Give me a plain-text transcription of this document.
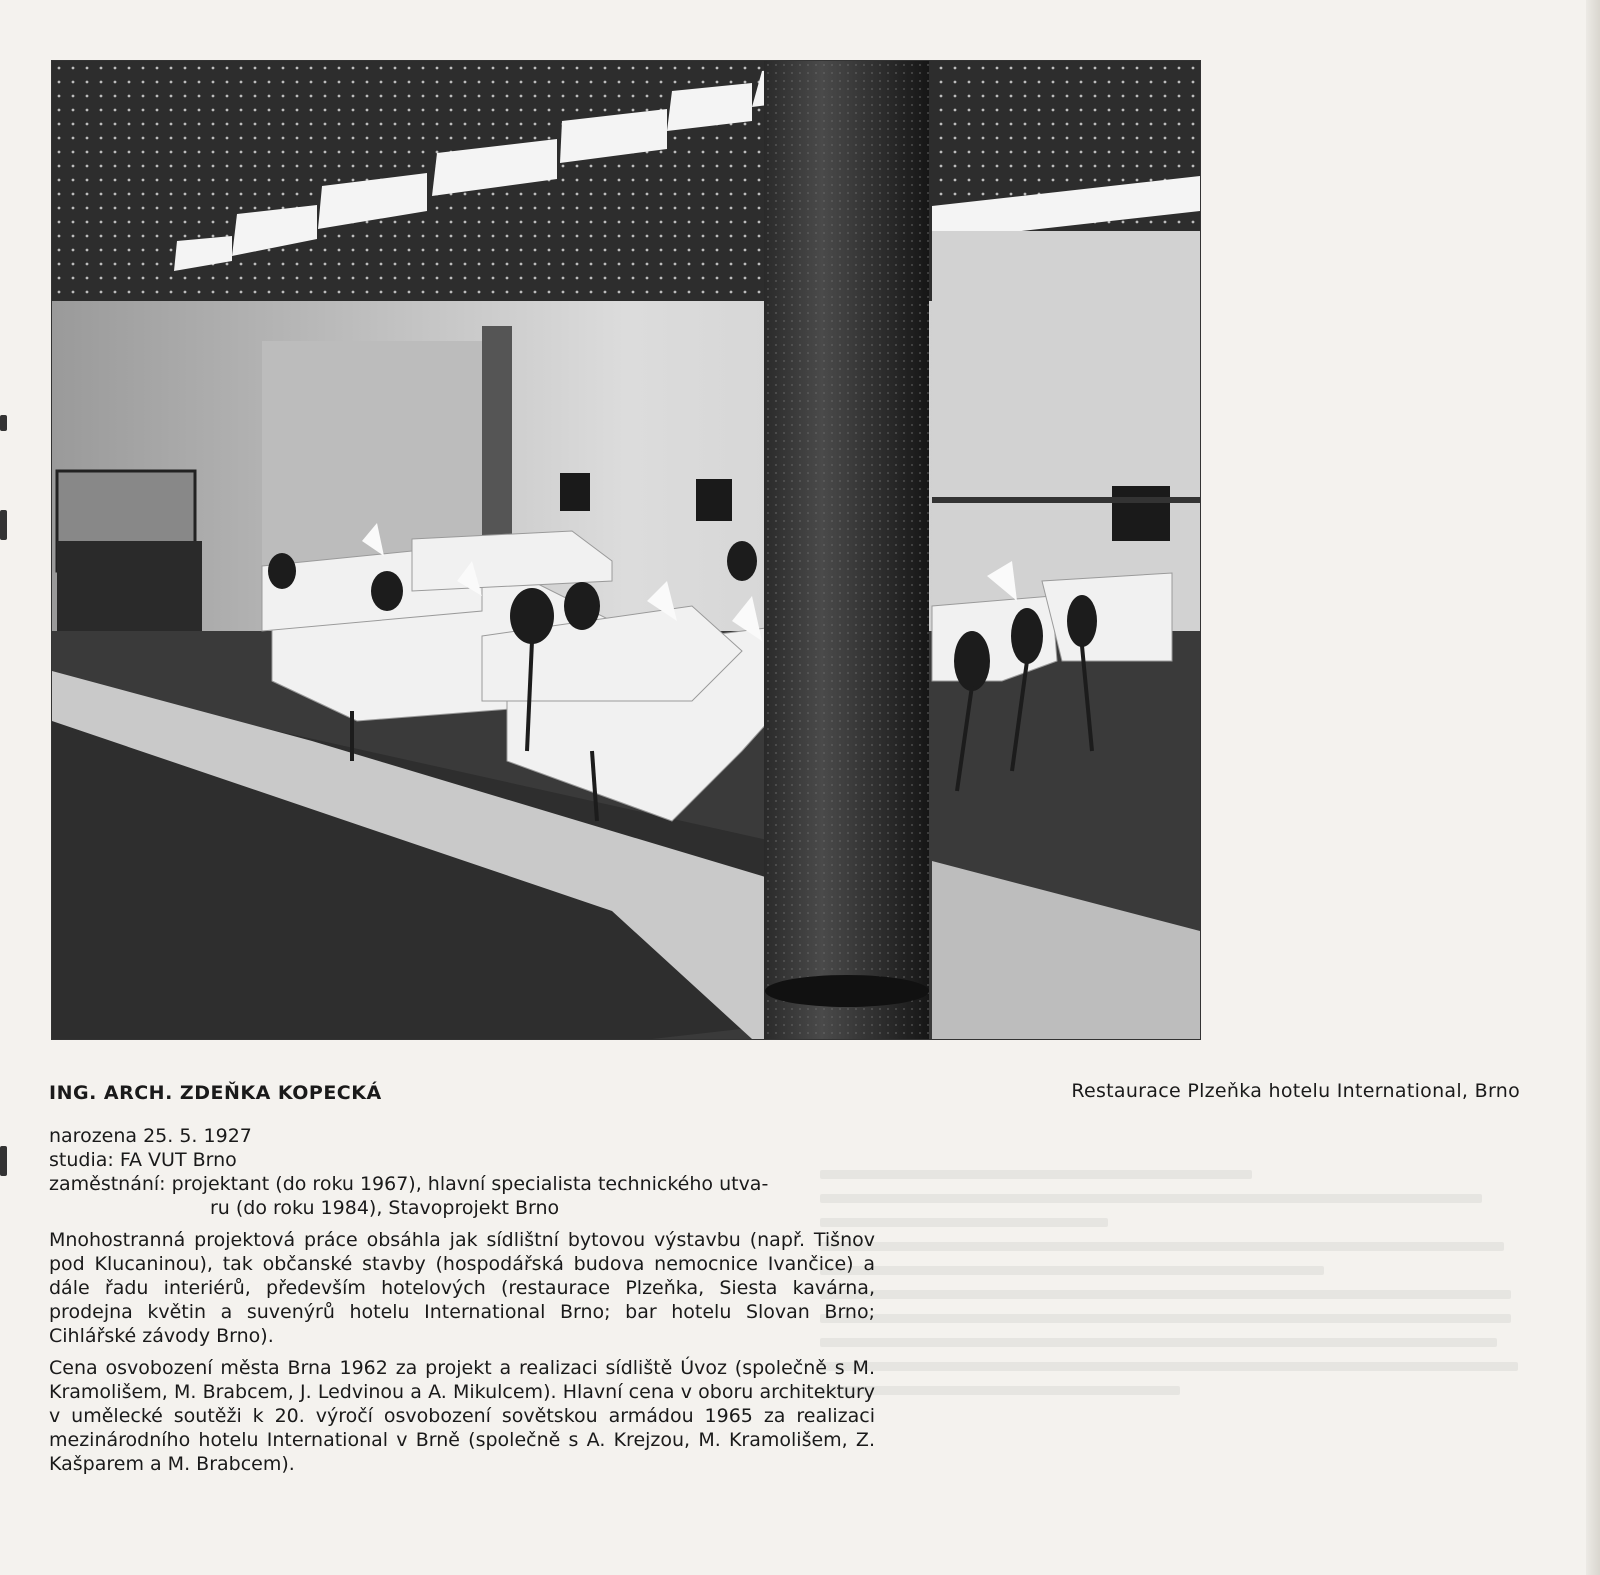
Restaurace Plzeňka hotelu International, Brno
ING. ARCH. ZDEŇKA KOPECKÁ
narozena 25. 5. 1927
studia: FA VUT Brno
zaměstnání: projektant (do roku 1967), hlavní specialista technického utva-
ru (do roku 1984), Stavoprojekt Brno
Mnohostranná projektová práce obsáhla jak sídlištní bytovou výstavbu (např. Tišnov pod Klucaninou), tak občanské stavby (hospodářská budova nemocnice Ivančice) a dále řadu interiérů, především hotelových (restaurace Plzeňka, Siesta kavárna, prodejna květin a suvenýrů hotelu International Brno; bar hotelu Slovan Brno; Cihlářské závody Brno).
Cena osvobození města Brna 1962 za projekt a realizaci sídliště Úvoz (společně s M. Kramolišem, M. Brabcem, J. Ledvinou a A. Mikulcem). Hlavní cena v oboru architektury v umělecké soutěži k 20. výročí osvobození sovětskou armádou 1965 za realizaci mezinárodního hotelu International v Brně (společně s A. Krejzou, M. Kramolišem, Z. Kašparem a M. Brabcem).
